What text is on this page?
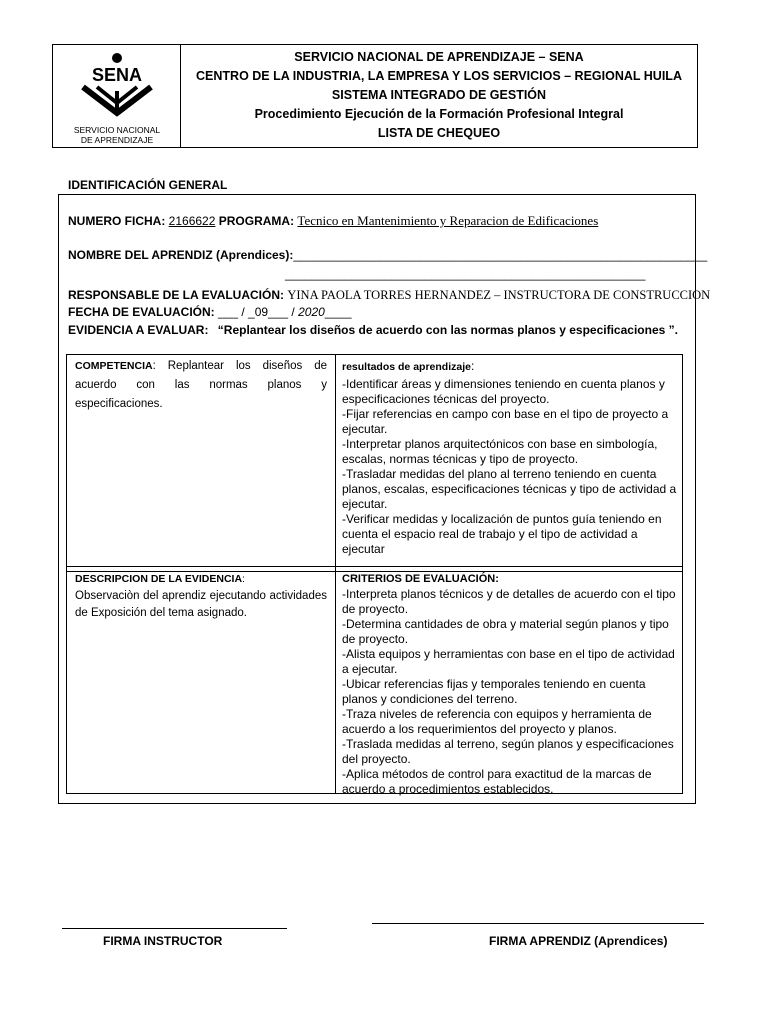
SENA
SERVICIO NACIONAL
DE APRENDIZAJE
SERVICIO NACIONAL DE APRENDIZAJE – SENA
CENTRO DE LA INDUSTRIA, LA EMPRESA Y LOS SERVICIOS – REGIONAL HUILA
SISTEMA INTEGRADO DE GESTIÓN
Procedimiento Ejecución de la Formación Profesional Integral
LISTA DE CHEQUEO
IDENTIFICACIÓN GENERAL
NUMERO FICHA: 2166622 PROGRAMA: Tecnico en Mantenimiento y Reparacion de Edificaciones
NOMBRE DEL APRENDIZ (Aprendices):______________________________________________________________
______________________________________________________
RESPONSABLE DE LA EVALUACIÓN: YINA PAOLA TORRES HERNANDEZ – INSTRUCTORA DE CONSTRUCCION
FECHA DE EVALUACIÓN: ___ / _09___ / 2020____
EVIDENCIA A EVALUAR: “Replantear los diseños de acuerdo con las normas planos y especificaciones ”.
COMPETENCIA: Replantear los diseños de acuerdo con las normas planos y especificaciones.
resultados de aprendizaje:
-Identificar áreas y dimensiones teniendo en cuenta planos y especificaciones técnicas del proyecto.
-Fijar referencias en campo con base en el tipo de proyecto a ejecutar.
-Interpretar planos arquitectónicos con base en simbología, escalas, normas técnicas y tipo de proyecto.
-Trasladar medidas del plano al terreno teniendo en cuenta planos, escalas, especificaciones técnicas y tipo de actividad a ejecutar.
-Verificar medidas y localización de puntos guía teniendo en cuenta el espacio real de trabajo y el tipo de actividad a ejecutar
DESCRIPCION DE LA EVIDENCIA:
Observaciòn del aprendiz ejecutando actividades de Exposición del tema asignado.
CRITERIOS DE EVALUACIÓN:
-Interpreta planos técnicos y de detalles de acuerdo con el tipo de proyecto.
-Determina cantidades de obra y material según planos y tipo de proyecto.
-Alista equipos y herramientas con base en el tipo de actividad a ejecutar.
-Ubicar referencias fijas y temporales teniendo en cuenta planos y condiciones del terreno.
-Traza niveles de referencia con equipos y herramienta de acuerdo a los requerimientos del proyecto y planos.
-Traslada medidas al terreno, según planos y especificaciones del proyecto.
-Aplica métodos de control para exactitud de la marcas de acuerdo a procedimientos establecidos.
FIRMA INSTRUCTOR	FIRMA APRENDIZ (Aprendices)
